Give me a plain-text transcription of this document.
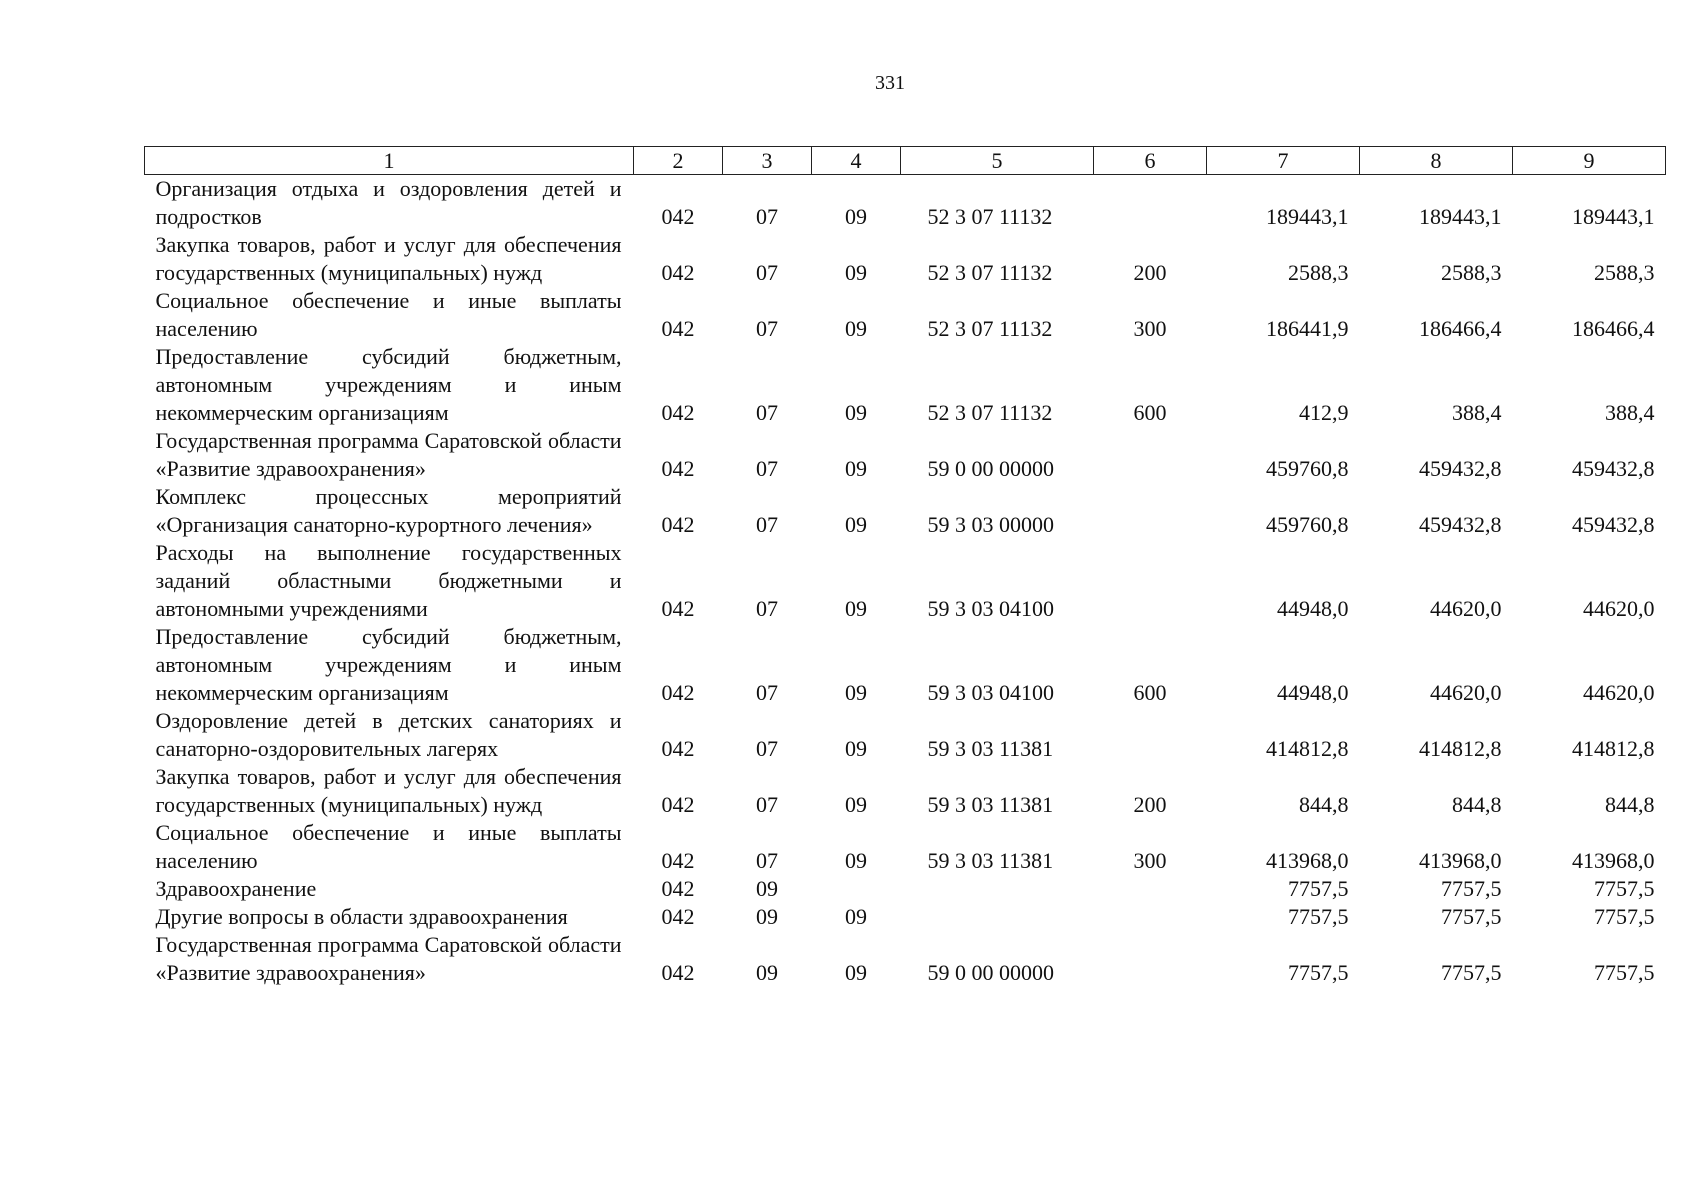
331
1	2	3	4	5	6	7	8	9
Организация отдыха и оздоровления детей и подростков	042	07	09	52 3 07 11132		189443,1	189443,1	189443,1
Закупка товаров, работ и услуг для обеспечения государственных (муниципальных) нужд	042	07	09	52 3 07 11132	200	2588,3	2588,3	2588,3
Социальное обеспечение и иные выплаты населению	042	07	09	52 3 07 11132	300	186441,9	186466,4	186466,4
Предоставление субсидий бюджетным, автономным учреждениям и иным некоммерческим организациям	042	07	09	52 3 07 11132	600	412,9	388,4	388,4
Государственная программа Саратовской области «Развитие здравоохранения»	042	07	09	59 0 00 00000		459760,8	459432,8	459432,8
Комплекс процессных мероприятий «Организация санаторно-курортного лечения»	042	07	09	59 3 03 00000		459760,8	459432,8	459432,8
Расходы на выполнение государственных заданий областными бюджетными и автономными учреждениями	042	07	09	59 3 03 04100		44948,0	44620,0	44620,0
Предоставление субсидий бюджетным, автономным учреждениям и иным некоммерческим организациям	042	07	09	59 3 03 04100	600	44948,0	44620,0	44620,0
Оздоровление детей в детских санаториях и санаторно-оздоровительных лагерях	042	07	09	59 3 03 11381		414812,8	414812,8	414812,8
Закупка товаров, работ и услуг для обеспечения государственных (муниципальных) нужд	042	07	09	59 3 03 11381	200	844,8	844,8	844,8
Социальное обеспечение и иные выплаты населению	042	07	09	59 3 03 11381	300	413968,0	413968,0	413968,0
Здравоохранение	042	09				7757,5	7757,5	7757,5
Другие вопросы в области здравоохранения	042	09	09			7757,5	7757,5	7757,5
Государственная программа Саратовской области «Развитие здравоохранения»	042	09	09	59 0 00 00000		7757,5	7757,5	7757,5
